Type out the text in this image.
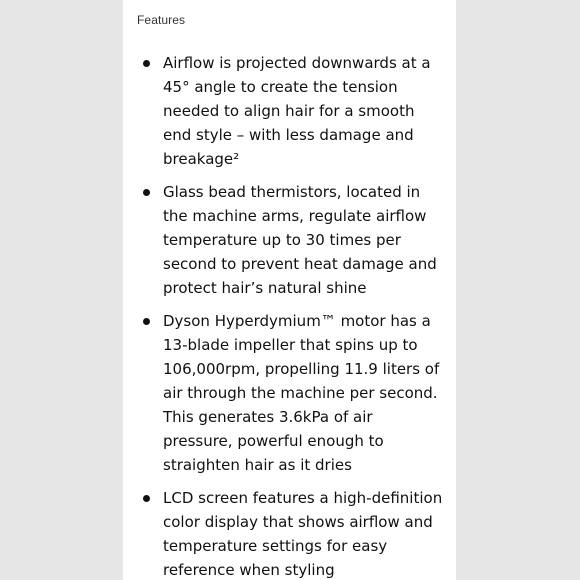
Features
Airflow is projected downwards at a 45° angle to create the tension needed to align hair for a smooth end style – with less damage and breakage²
Glass bead thermistors, located in the machine arms, regulate airflow temperature up to 30 times per second to prevent heat damage and protect hair’s natural shine
Dyson Hyperdymium™ motor has a 13-blade impeller that spins up to 106,000rpm, propelling 11.9 liters of air through the machine per second. This generates 3.6kPa of air pressure, powerful enough to straighten hair as it dries
LCD screen features a high-definition color display that shows airflow and temperature settings for easy reference when styling
